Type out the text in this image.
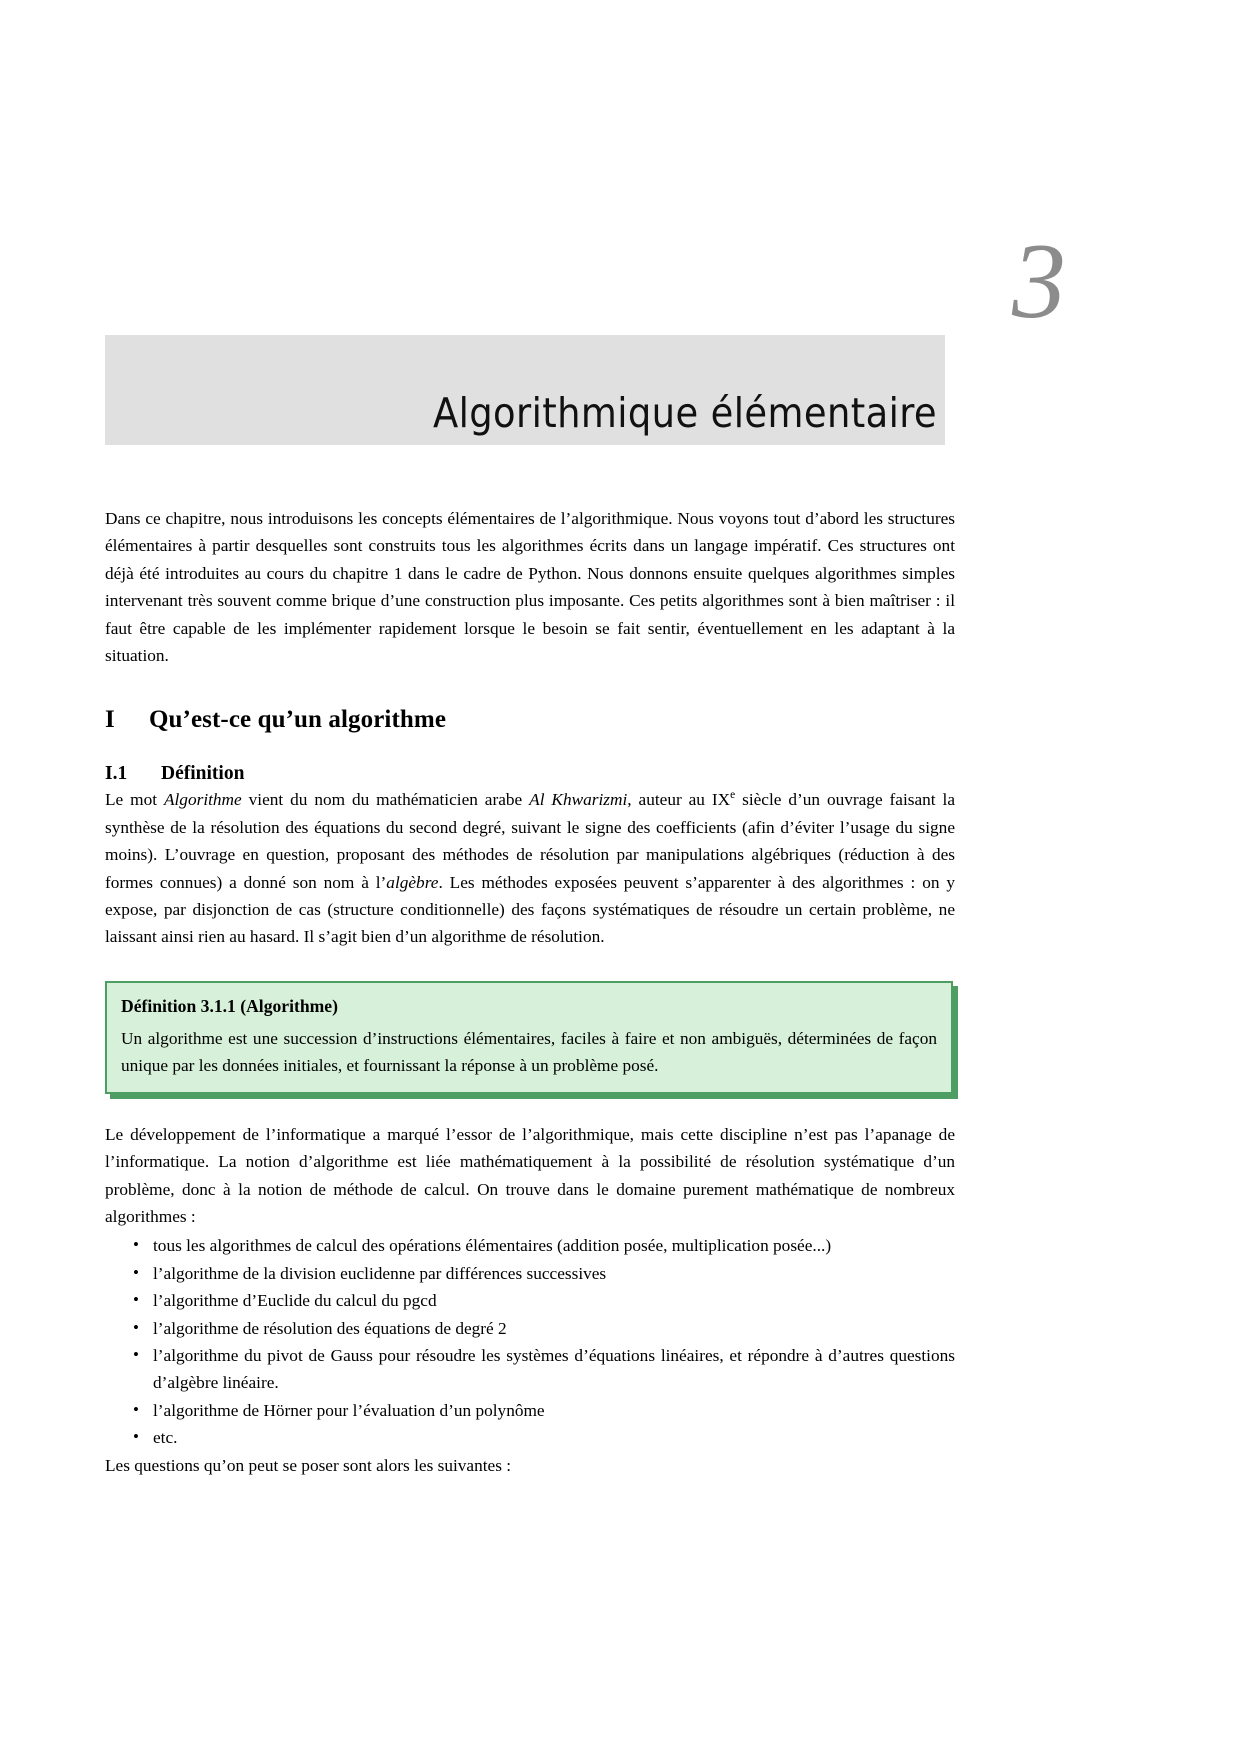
3
Algorithmique élémentaire

Dans ce chapitre, nous introduisons les concepts élémentaires de l’algorithmique. Nous voyons tout d’abord les structures élémentaires à partir desquelles sont construits tous les algorithmes écrits dans un langage impératif. Ces structures ont déjà été introduites au cours du chapitre 1 dans le cadre de Python. Nous donnons ensuite quelques algorithmes simples intervenant très souvent comme brique d’une construction plus imposante. Ces petits algorithmes sont à bien maîtriser : il faut être capable de les implémenter rapidement lorsque le besoin se fait sentir, éventuellement en les adaptant à la situation.

I Qu’est-ce qu’un algorithme
I.1 Définition

Le mot Algorithme vient du nom du mathématicien arabe Al Khwarizmi, auteur au IXe siècle d’un ouvrage faisant la synthèse de la résolution des équations du second degré, suivant le signe des coefficients (afin d’éviter l’usage du signe moins). L’ouvrage en question, proposant des méthodes de résolution par manipulations algébriques (réduction à des formes connues) a donné son nom à l’algèbre. Les méthodes exposées peuvent s’apparenter à des algorithmes : on y expose, par disjonction de cas (structure conditionnelle) des façons systématiques de résoudre un certain problème, ne laissant ainsi rien au hasard. Il s’agit bien d’un algorithme de résolution.

Définition 3.1.1 (Algorithme)
Un algorithme est une succession d’instructions élémentaires, faciles à faire et non ambiguës, déterminées de façon unique par les données initiales, et fournissant la réponse à un problème posé.

Le développement de l’informatique a marqué l’essor de l’algorithmique, mais cette discipline n’est pas l’apanage de l’informatique. La notion d’algorithme est liée mathématiquement à la possibilité de résolution systématique d’un problème, donc à la notion de méthode de calcul. On trouve dans le domaine purement mathématique de nombreux algorithmes :

• tous les algorithmes de calcul des opérations élémentaires (addition posée, multiplication posée...)
• l’algorithme de la division euclidenne par différences successives
• l’algorithme d’Euclide du calcul du pgcd
• l’algorithme de résolution des équations de degré 2
• l’algorithme du pivot de Gauss pour résoudre les systèmes d’équations linéaires, et répondre à d’autres questions d’algèbre linéaire.
• l’algorithme de Hörner pour l’évaluation d’un polynôme
• etc.

Les questions qu’on peut se poser sont alors les suivantes :
